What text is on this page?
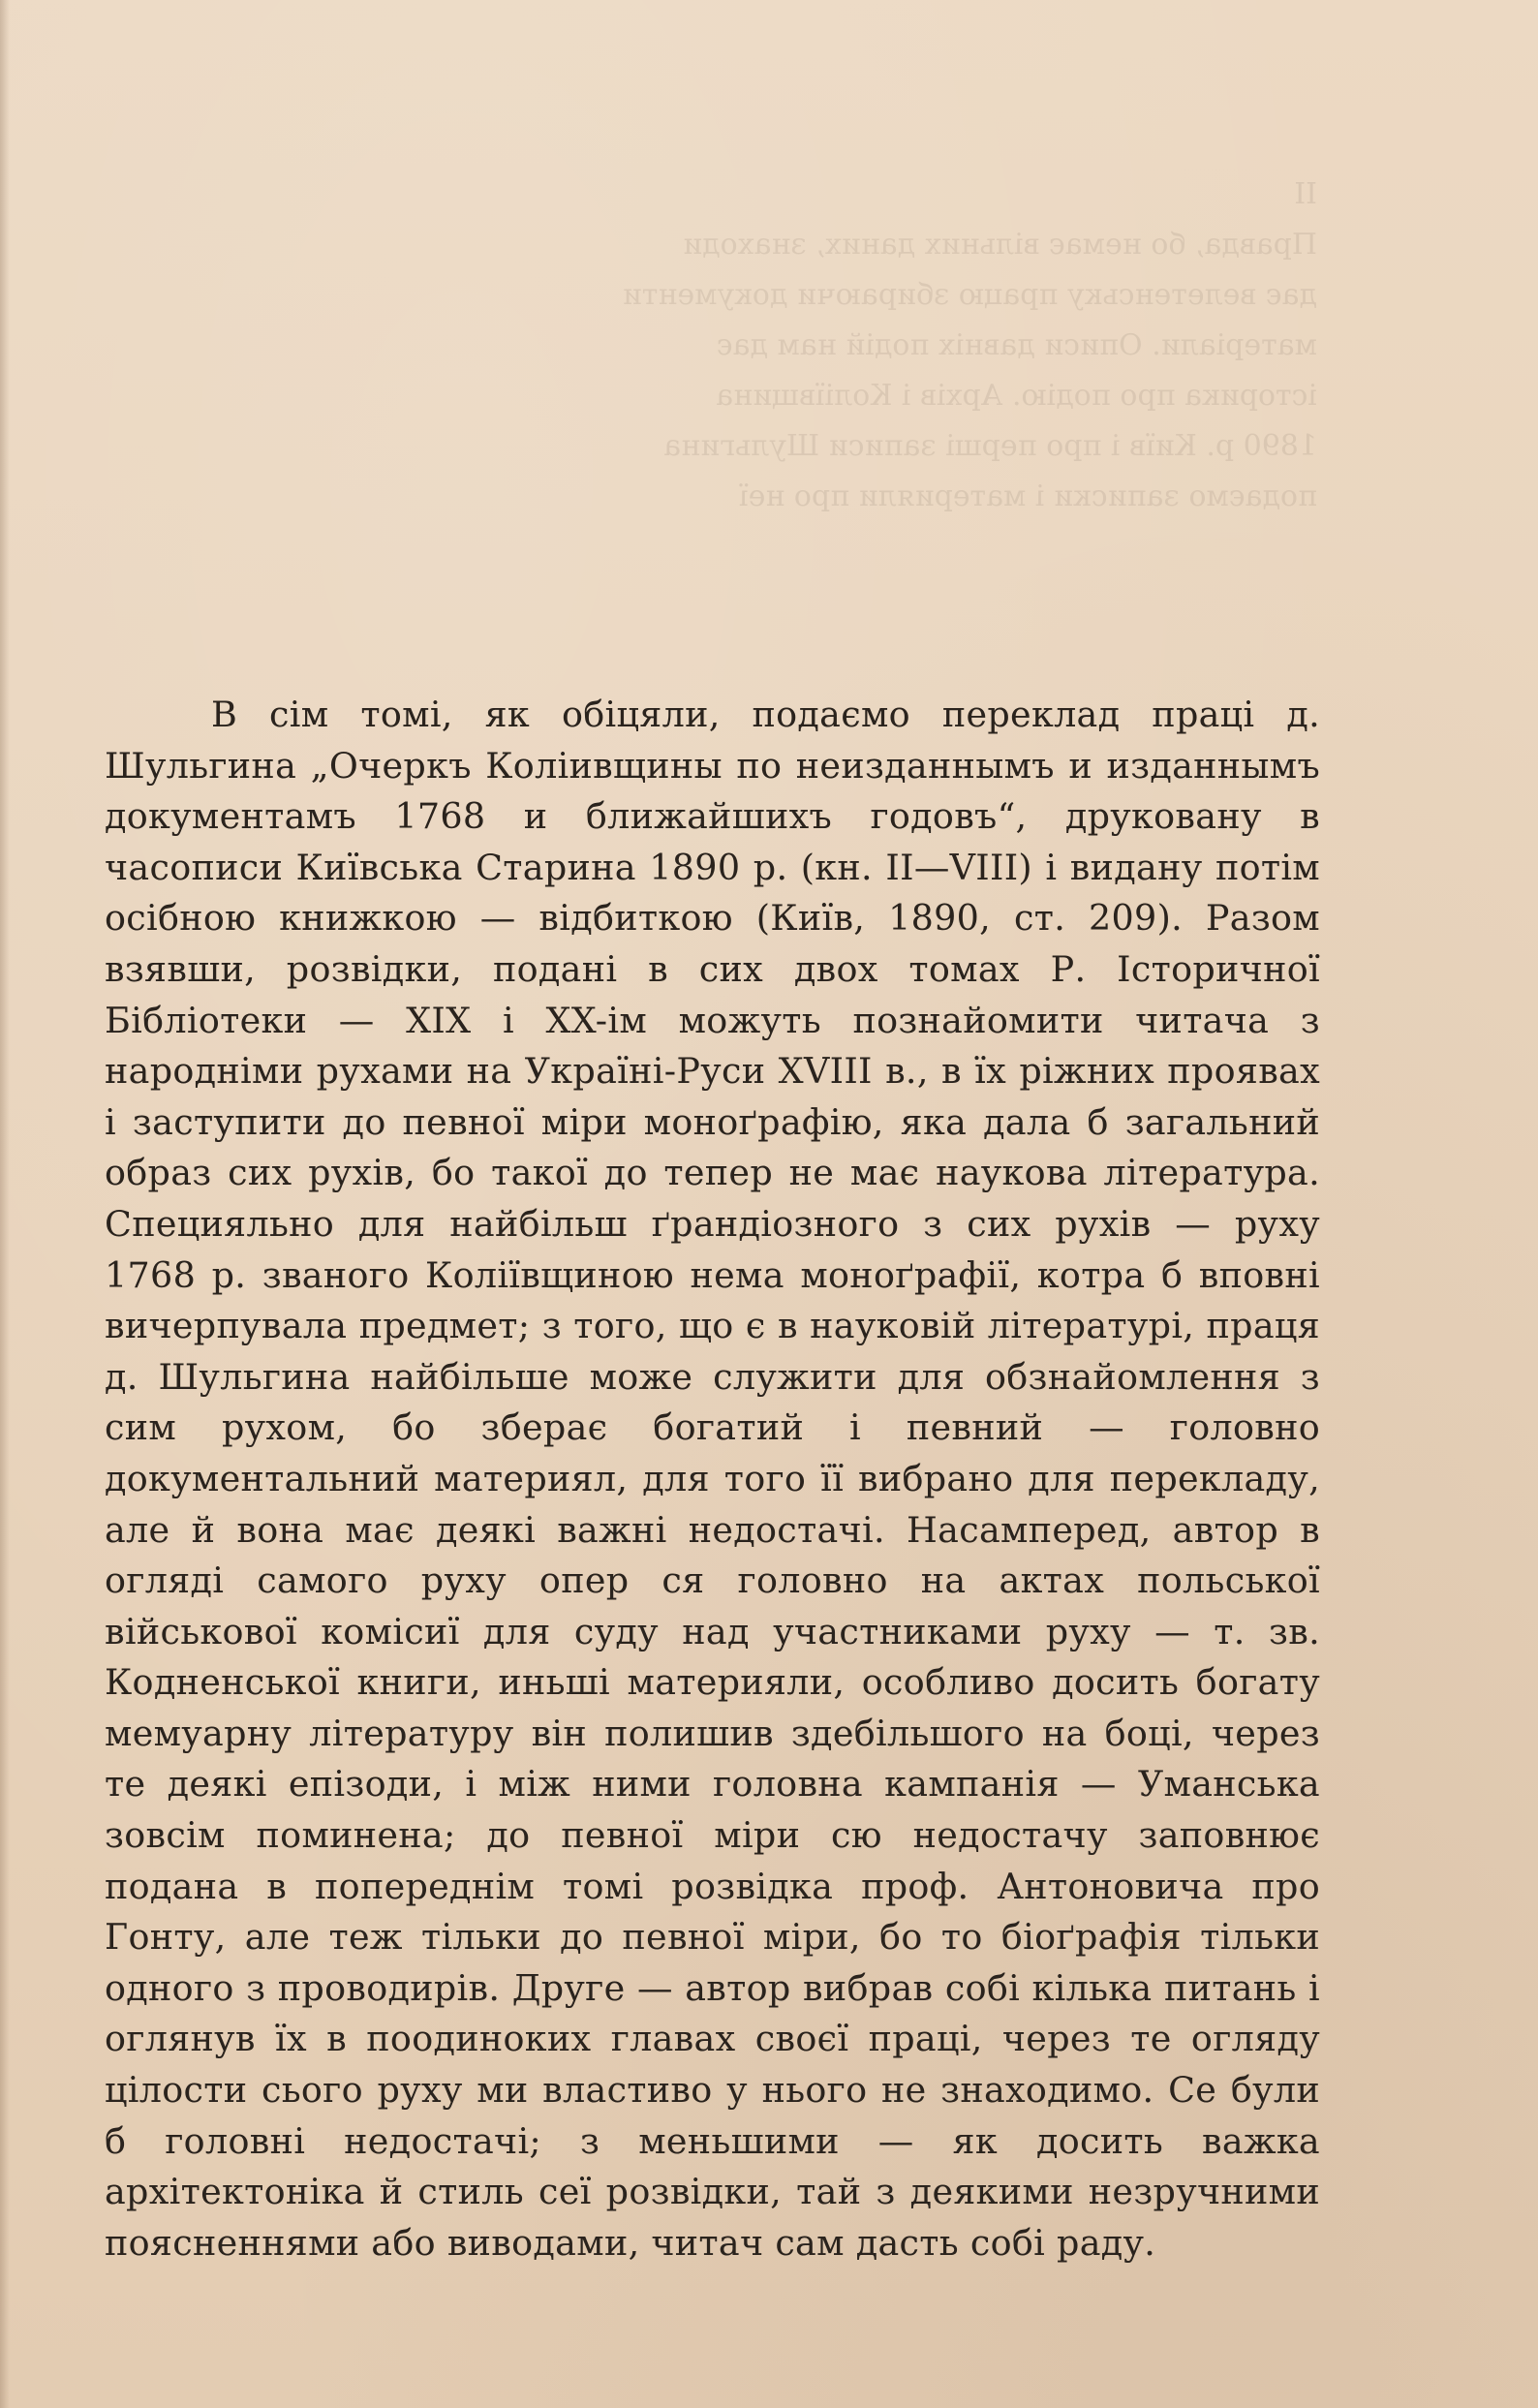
II
Правда, бо немає вільних даних, знаходи
дає велетенську працю збираючи документи
матеріали. Описи давніх подій нам дає
історика про подію. Архів і Коліївщина
1890 р. Київ і про перші записи Шульгина
подаємо записки і материяли про неї

В сім томі, як обіцяли, подаємо переклад праці д. Шульгина „Очеркъ Коліивщины по неизданнымъ и изданнымъ документамъ 1768 и ближайшихъ годовъ“, друковану в часописи Київська Старина 1890 р. (кн. II—VIII) і видану потім осібною книжкою — відбиткою (Київ, 1890, ст. 209). Разом взявши, розвідки, подані в сих двох томах Р. Історичної Бібліотеки — XIX і XX-ім можуть познайомити читача з народніми рухами на Україні-Руси XVIII в., в їх ріжних проявах і заступити до певної міри моноґрафію, яка дала б загальний образ сих рухів, бо такої до тепер не має наукова література. Специяльно для найбільш ґрандіозного з сих рухів — руху 1768 р. званого Коліївщиною нема моноґрафії, котра б вповні вичерпувала предмет; з того, що є в науковій літературі, праця д. Шульгина найбільше може служити для обзнайомлення з сим рухом, бо зберає богатий і певний — головно документальний материял, для того її вибрано для перекладу, але й вона має деякі важні недостачі. Насамперед, автор в огляді самого руху опер ся головно на актах польської військової комісиї для суду над участниками руху — т. зв. Кодненської книги, иньші материяли, особливо досить богату мемуарну літературу він полишив здебільшого на боці, через те деякі епізоди, і між ними головна кампанія — Уманська зовсім поминена; до певної міри сю недостачу заповнює подана в попереднім томі розвідка проф. Антоновича про Гонту, але теж тільки до певної міри, бо то біоґрафія тільки одного з проводирів. Друге — автор вибрав собі кілька питань і оглянув їх в поодиноких главах своєї праці, через те огляду цілости сього руху ми властиво у нього не знаходимо. Се були б головні недостачі; з меньшими — як досить важка архітектоніка й стиль сеї розвідки, тай з деякими незручними поясненнями або виводами, читач сам дасть собі раду.
